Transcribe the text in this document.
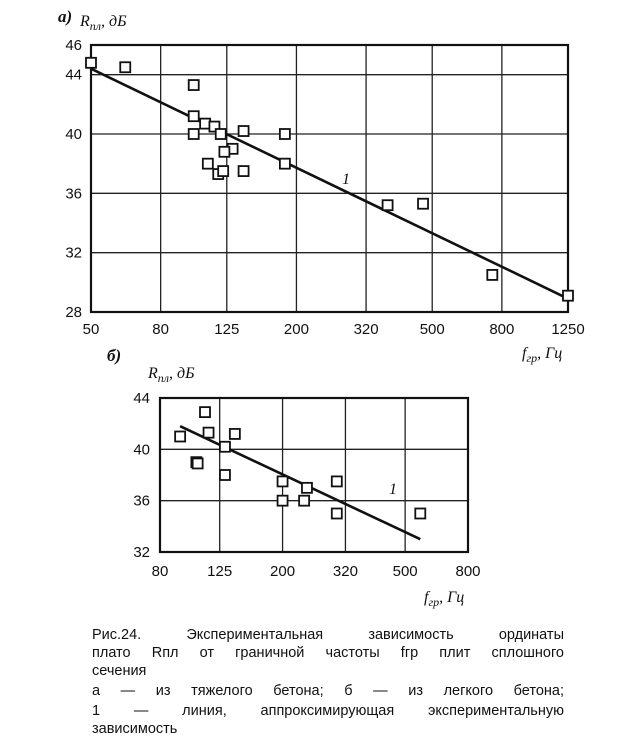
50	80	125	200	320	500	800 1250
28
32
36
40
44
46
1
а) $R_{пл}$, дБ
$f_{гр}$, Гц
80	125	200	320 500	800
32
36
40
44
1
б)
$R_{пл}$, дБ
$f_{гр}$, Гц
Рис.24. Экспериментальная зависимость ординаты
плато Rпл от граничной частоты fгр плит сплошного
сечения
а — из тяжелого бетона; б — из легкого бетона;
1 — линия, аппроксимирующая экспериментальную
зависимость
